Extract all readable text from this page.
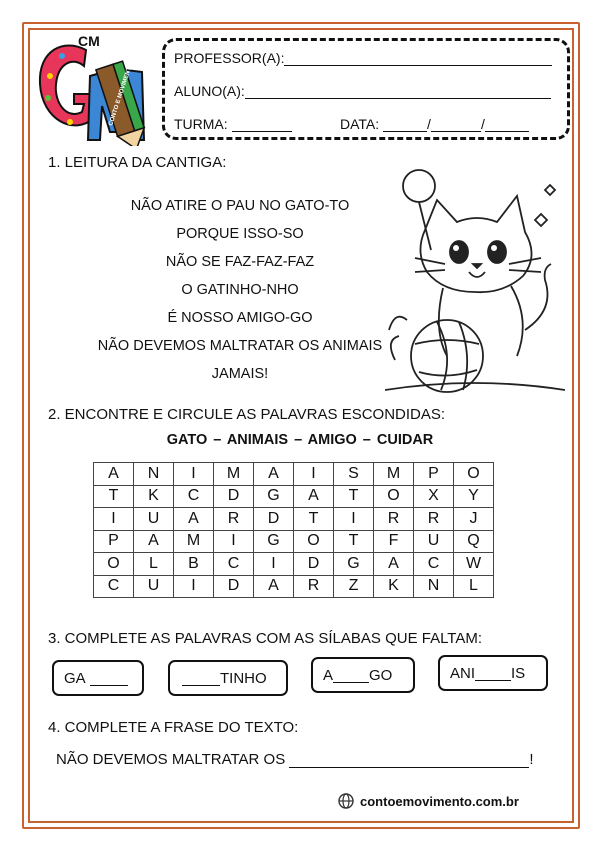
CM
CONTO E MOVIMENTO
PROFESSOR(A):
ALUNO(A):
TURMA:	DATA:	/	/
1. LEITURA DA CANTIGA:
NÃO ATIRE O PAU NO GATO-TO
PORQUE ISSO-SO
NÃO SE FAZ-FAZ-FAZ
O GATINHO-NHO
É NOSSO AMIGO-GO
NÃO DEVEMOS MALTRATAR OS ANIMAIS
JAMAIS!
2. ENCONTRE E CIRCULE AS PALAVRAS ESCONDIDAS:
GATO – ANIMAIS – AMIGO – CUIDAR
A	N	I	M	A	I	S	M	P	O
T	K	C	D	G	A	T	O	X	Y
I	U	A	R	D	T	I	R	R	J
P	A	M	I	G	O	T	F	U	Q
O	L	B	C	I	D	G	A	C	W
C	U	I	D	A	R	Z	K	N	L
3. COMPLETE AS PALAVRAS COM AS SÍLABAS QUE FALTAM:
GA
	TINHO	A GO	ANI IS
4. COMPLETE A FRASE DO TEXTO:
NÃO DEVEMOS MALTRATAR OS	!
contoemovimento.com.br
